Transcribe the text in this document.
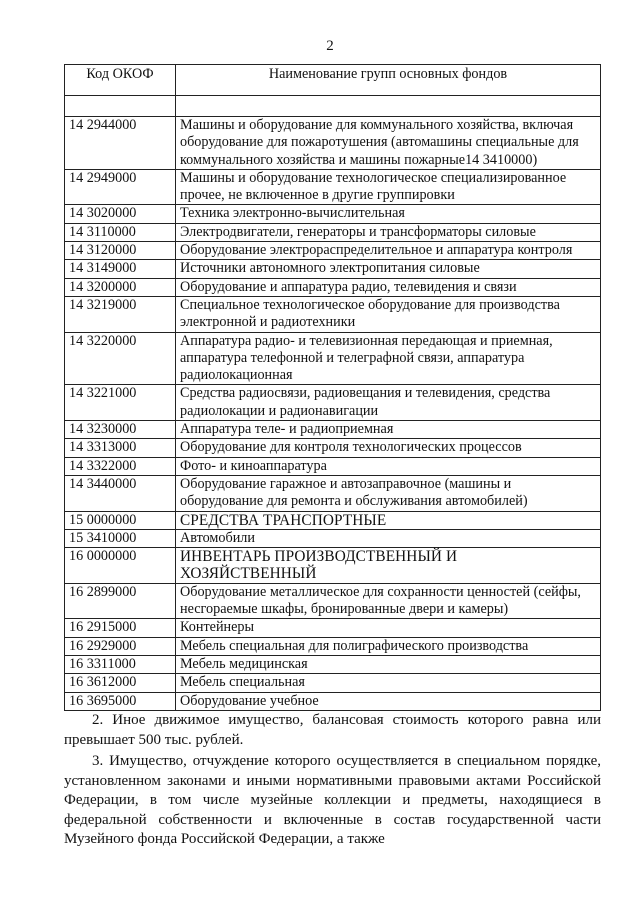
2
Код ОКОФ	Наименование групп основных фондов

14 2944000	Машины и оборудование для коммунального хозяйства, включая оборудование для пожаротушения (автомашины специальные для коммунального хозяйства и машины пожарные14 3410000)
14 2949000	Машины и оборудование технологическое специализированное прочее, не включенное в другие группировки
14 3020000	Техника электронно-вычислительная
14 3110000	Электродвигатели, генераторы и трансформаторы силовые
14 3120000	Оборудование электрораспределительное и аппаратура контроля
14 3149000	Источники автономного электропитания силовые
14 3200000	Оборудование и аппаратура радио, телевидения и связи
14 3219000	Специальное технологическое оборудование для производства электронной и радиотехники
14 3220000	Аппаратура радио- и телевизионная передающая и приемная, аппаратура телефонной и телеграфной связи, аппаратура радиолокационная
14 3221000	Средства радиосвязи, радиовещания и телевидения, средства радиолокации и радионавигации
14 3230000	Аппаратура теле- и радиоприемная
14 3313000	Оборудование для контроля технологических процессов
14 3322000	Фото- и киноаппаратура
14 3440000	Оборудование гаражное и автозаправочное (машины и оборудование для ремонта и обслуживания автомобилей)
15 0000000	СРЕДСТВА ТРАНСПОРТНЫЕ
15 3410000	Автомобили
16 0000000	ИНВЕНТАРЬ ПРОИЗВОДСТВЕННЫЙ И ХОЗЯЙСТВЕННЫЙ
16 2899000	Оборудование металлическое для сохранности ценностей (сейфы, несгораемые шкафы, бронированные двери и камеры)
16 2915000	Контейнеры
16 2929000	Мебель специальная для полиграфического производства
16 3311000	Мебель медицинская
16 3612000	Мебель специальная
16 3695000	Оборудование учебное

2. Иное движимое имущество, балансовая стоимость которого равна или превышает 500 тыс. рублей.

3. Имущество, отчуждение которого осуществляется в специальном порядке, установленном законами и иными нормативными правовыми актами Российской Федерации, в том числе музейные коллекции и предметы, находящиеся в федеральной собственности и включенные в состав государственной части Музейного фонда Российской Федерации, а также
